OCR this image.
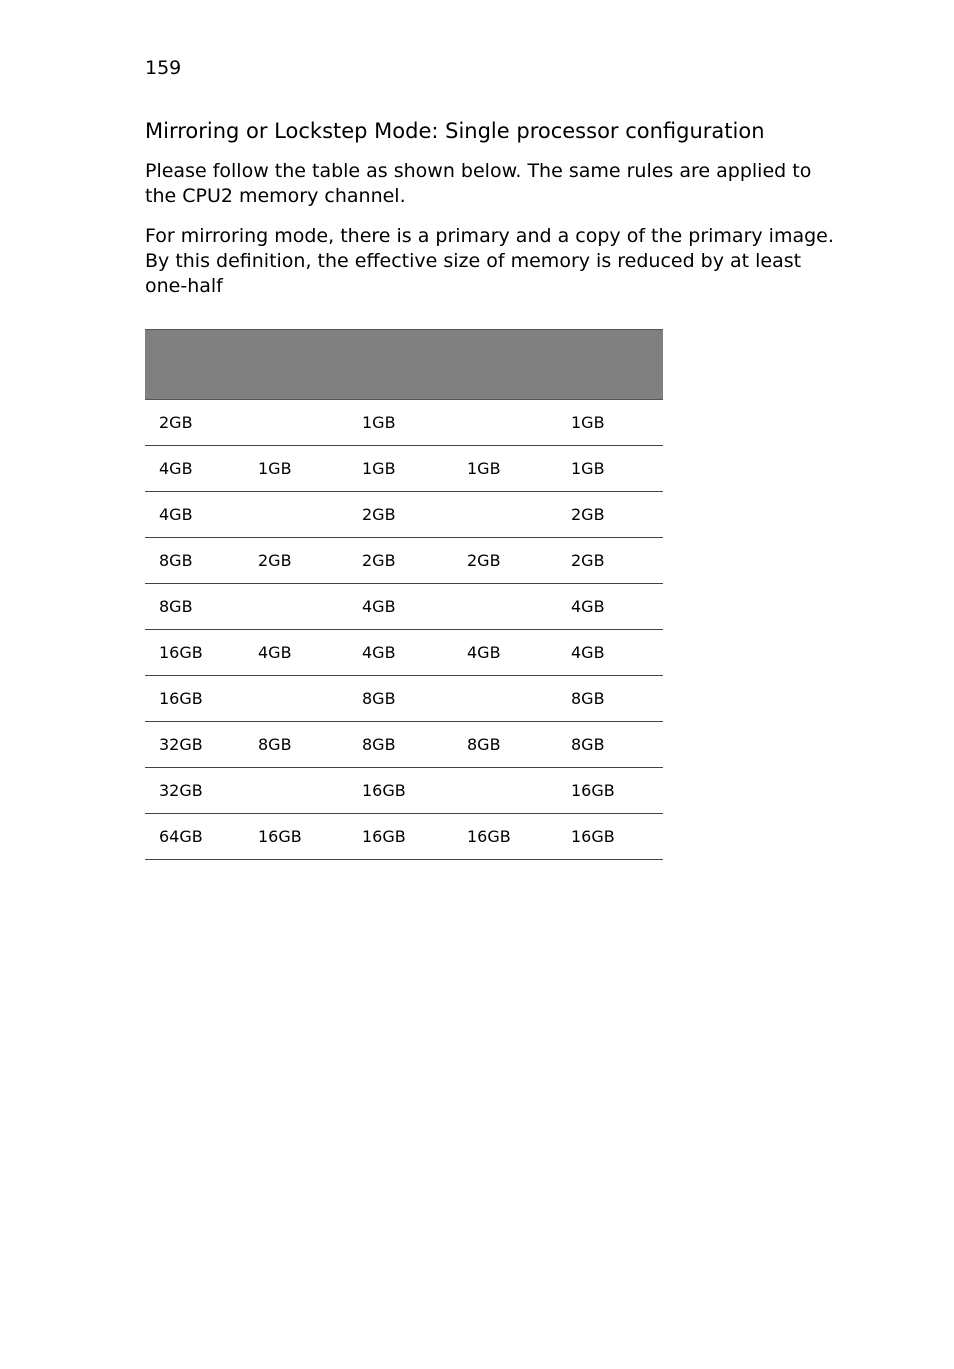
159
Mirroring or Lockstep Mode: Single processor configuration

Please follow the table as shown below. The same rules are applied to the CPU2 memory channel.

For mirroring mode, there is a primary and a copy of the primary image. By this definition, the effective size of memory is reduced by at least one-half

2GB		1GB		1GB
4GB	1GB	1GB	1GB	1GB
4GB		2GB		2GB
8GB	2GB	2GB	2GB	2GB
8GB		4GB		4GB
16GB	4GB	4GB	4GB	4GB
16GB		8GB		8GB
32GB	8GB	8GB	8GB	8GB
32GB		16GB		16GB
64GB	16GB	16GB	16GB	16GB
